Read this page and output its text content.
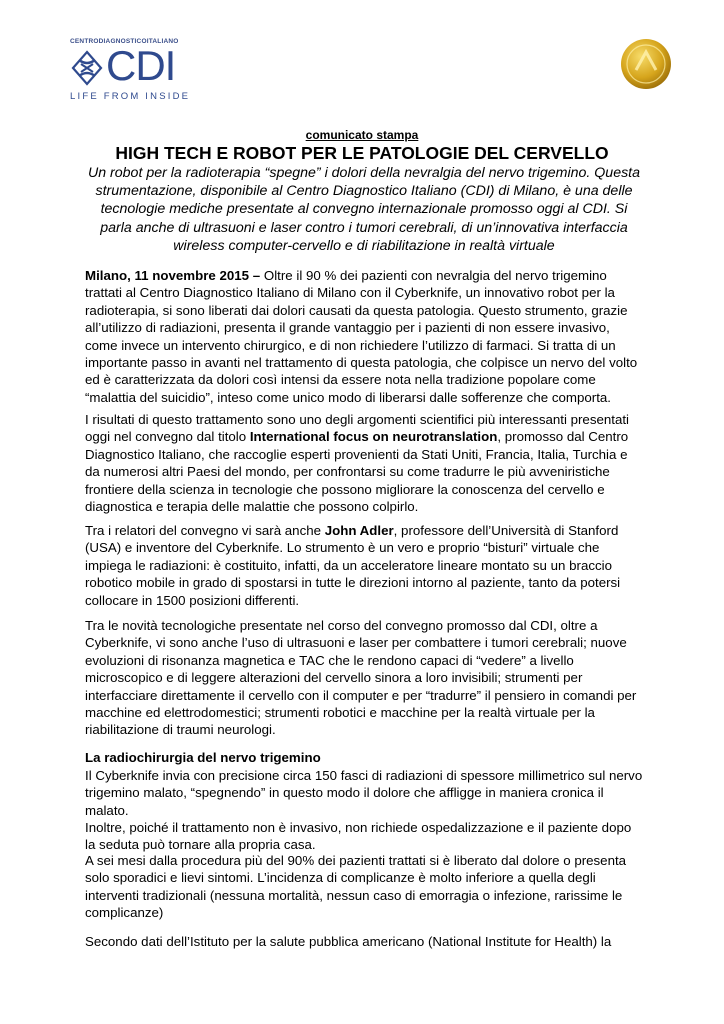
CENTRODIAGNOSTICOITALIANO
CDI
LIFE FROM INSIDE
comunicato stampa
HIGH TECH E ROBOT PER LE PATOLOGIE DEL CERVELLO
Un robot per la radioterapia “spegne” i dolori della nevralgia del nervo trigemino. Questa strumentazione, disponibile al Centro Diagnostico Italiano (CDI) di Milano, è una delle tecnologie mediche presentate al convegno internazionale promosso oggi al CDI. Si parla anche di ultrasuoni e laser contro i tumori cerebrali, di un’innovativa interfaccia wireless computer-cervello e di riabilitazione in realtà virtuale

Milano, 11 novembre 2015 – Oltre il 90 % dei pazienti con nevralgia del nervo trigemino trattati al Centro Diagnostico Italiano di Milano con il Cyberknife, un innovativo robot per la radioterapia, si sono liberati dai dolori causati da questa patologia. Questo strumento, grazie all’utilizzo di radiazioni, presenta il grande vantaggio per i pazienti di non essere invasivo, come invece un intervento chirurgico, e di non richiedere l’utilizzo di farmaci. Si tratta di un importante passo in avanti nel trattamento di questa patologia, che colpisce un nervo del volto ed è caratterizzata da dolori così intensi da essere nota nella tradizione popolare come “malattia del suicidio”, inteso come unico modo di liberarsi dalle sofferenze che comporta.

I risultati di questo trattamento sono uno degli argomenti scientifici più interessanti presentati oggi nel convegno dal titolo International focus on neurotranslation, promosso dal Centro Diagnostico Italiano, che raccoglie esperti provenienti da Stati Uniti, Francia, Italia, Turchia e da numerosi altri Paesi del mondo, per confrontarsi su come tradurre le più avveniristiche frontiere della scienza in tecnologie che possono migliorare la conoscenza del cervello e diagnostica e terapia delle malattie che possono colpirlo.

Tra i relatori del convegno vi sarà anche John Adler, professore dell’Università di Stanford (USA) e inventore del Cyberknife. Lo strumento è un vero e proprio “bisturi” virtuale che impiega le radiazioni: è costituito, infatti, da un acceleratore lineare montato su un braccio robotico mobile in grado di spostarsi in tutte le direzioni intorno al paziente, tanto da potersi collocare in 1500 posizioni differenti.

Tra le novità tecnologiche presentate nel corso del convegno promosso dal CDI, oltre a Cyberknife, vi sono anche l’uso di ultrasuoni e laser per combattere i tumori cerebrali; nuove evoluzioni di risonanza magnetica e TAC che le rendono capaci di “vedere” a livello microscopico e di leggere alterazioni del cervello sinora a loro invisibili; strumenti per interfacciare direttamente il cervello con il computer e per “tradurre” il pensiero in comandi per macchine ed elettrodomestici; strumenti robotici e macchine per la realtà virtuale per la riabilitazione di traumi neurologi.

La radiochirurgia del nervo trigemino

Il Cyberknife invia con precisione circa 150 fasci di radiazioni di spessore millimetrico sul nervo trigemino malato, “spegnendo” in questo modo il dolore che affligge in maniera cronica il malato.

Inoltre, poiché il trattamento non è invasivo, non richiede ospedalizzazione e il paziente dopo la seduta può tornare alla propria casa.

A sei mesi dalla procedura più del 90% dei pazienti trattati si è liberato dal dolore o presenta solo sporadici e lievi sintomi. L’incidenza di complicanze è molto inferiore a quella degli interventi tradizionali (nessuna mortalità, nessun caso di emorragia o infezione, rarissime le complicanze)

Secondo dati dell’Istituto per la salute pubblica americano (National Institute for Health) la
